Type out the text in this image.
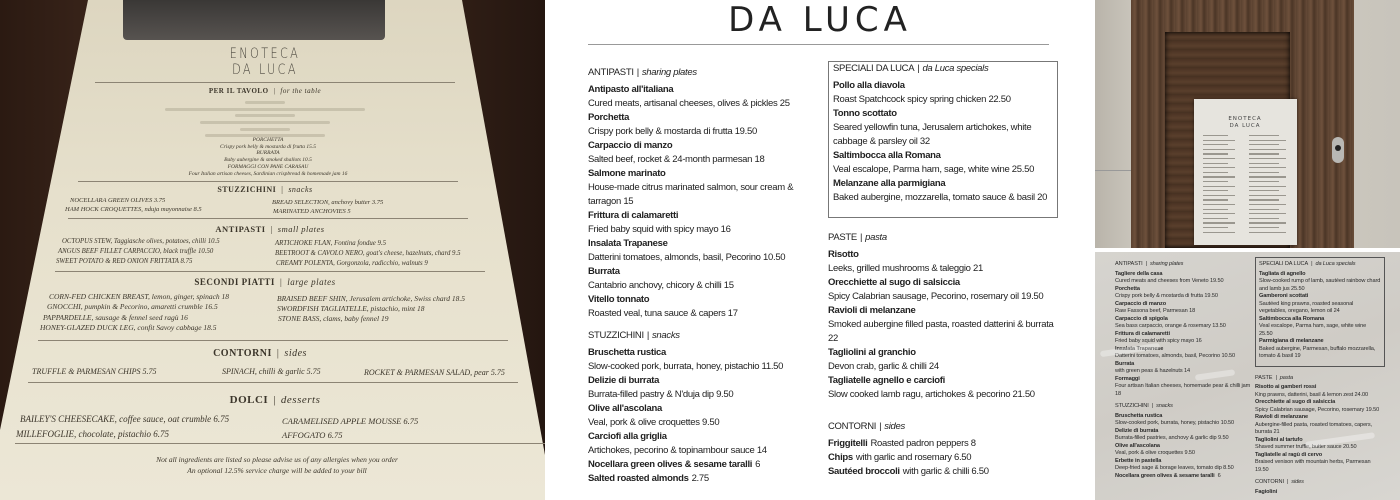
ENOTECA
DA LUCA
PER IL TAVOLO | for the table
PORCHETTA
Crispy pork belly & mostarda di frutta 15.5
BURRATA
Baby aubergine & smoked shallots 10.5
FORMAGGI CON PANE CARASAU
Four Italian artisan cheeses, Sardinian crispbread & homemade jam 16
STUZZICHINI | snacks
NOCELLARA GREEN OLIVES 3.75
HAM HOCK CROQUETTES, nduja mayonnaise 8.5
BREAD SELECTION, anchovy butter 3.75
MARINATED ANCHOVIES 5
ANTIPASTI | small plates
OCTOPUS STEW, Taggiasche olives, potatoes, chilli 10.5
ANGUS BEEF FILLET CARPACCIO, black truffle 10.50
SWEET POTATO & RED ONION FRITTATA 8.75
ARTICHOKE FLAN, Fontina fondue 9.5
BEETROOT & CAVOLO NERO, goat's cheese, hazelnuts, chard 9.5
CREAMY POLENTA, Gorgonzola, radicchio, walnuts 9
SECONDI PIATTI | large plates
CORN-FED CHICKEN BREAST, lemon, ginger, spinach 18
GNOCCHI, pumpkin & Pecorino, amaretti crumble 16.5
PAPPARDELLE, sausage & fennel seed ragù 16
HONEY-GLAZED DUCK LEG, confit Savoy cabbage 18.5
BRAISED BEEF SHIN, Jerusalem artichoke, Swiss chard 18.5
SWORDFISH TAGLIATELLE, pistachio, mint 18
STONE BASS, clams, baby fennel 19
CONTORNI | sides
TRUFFLE & PARMESAN CHIPS 5.75	SPINACH, chilli & garlic 5.75	ROCKET & PARMESAN SALAD, pear 5.75
DOLCI | desserts
BAILEY'S CHEESECAKE, coffee sauce, oat crumble 6.75
MILLEFOGLIE, chocolate, pistachio 6.75
CARAMELISED APPLE MOUSSE 6.75
AFFOGATO 6.75
Not all ingredients are listed so please advise us of any allergies when you order
An optional 12.5% service charge will be added to your bill
DA LUCA
ANTIPASTI | sharing plates
Antipasto all'italiana
Cured meats, artisanal cheeses, olives & pickles 25
Porchetta
Crispy pork belly & mostarda di frutta 19.50
Carpaccio di manzo
Salted beef, rocket & 24-month parmesan 18
Salmone marinato
House-made citrus marinated salmon, sour cream & tarragon 15
Frittura di calamaretti
Fried baby squid with spicy mayo 16
Insalata Trapanese
Datterini tomatoes, almonds, basil, Pecorino 10.50
Burrata
Cantabrio anchovy, chicory & chilli 15
Vitello tonnato
Roasted veal, tuna sauce & capers 17
STUZZICHINI | snacks
Bruschetta rustica
Slow-cooked pork, burrata, honey, pistachio 11.50
Delizie di burrata
Burrata-filled pastry & N'duja dip 9.50
Olive all'ascolana
Veal, pork & olive croquettes 9.50
Carciofi alla griglia
Artichokes, pecorino & topinambour sauce 14
Nocellara green olives & sesame taralli 6
Salted roasted almonds 2.75
SPECIALI DA LUCA | da Luca specials
Pollo alla diavola
Roast Spatchcock spicy spring chicken 22.50
Tonno scottato
Seared yellowfin tuna, Jerusalem artichokes, white cabbage & parsley oil 32
Saltimbocca alla Romana
Veal escalope, Parma ham, sage, white wine 25.50
Melanzane alla parmigiana
Baked aubergine, mozzarella, tomato sauce & basil 20
PASTE | pasta
Risotto
Leeks, grilled mushrooms & taleggio 21
Orecchiette al sugo di salsiccia
Spicy Calabrian sausage, Pecorino, rosemary oil 19.50
Ravioli di melanzane
Smoked aubergine filled pasta, roasted datterini & burrata 22
Tagliolini al granchio
Devon crab, garlic & chilli 24
Tagliatelle agnello e carciofi
Slow cooked lamb ragu, artichokes & pecorino 21.50
CONTORNI | sides
Friggitelli Roasted padron peppers 8
Chips with garlic and rosemary 6.50
Sautéed broccoli with garlic & chilli 6.50
ENOTECA
DA LUCA
ANTIPASTI | sharing plates
Tagliere della casa
Cured meats and cheeses from Veneto 19.50
Porchetta
Crispy pork belly & mostarda di frutta 19.50
Carpaccio di manzo
Raw Fassona beef, Parmesan 18
Carpaccio di spigola
Sea bass carpaccio, orange & rosemary 13.50
Frittura di calamaretti
Fried baby squid with spicy mayo 16
Insalata Trapanese
Datterini tomatoes, almonds, basil, Pecorino 10.50
Burrata
with green peas & hazelnuts 14
Formaggi
Four artisan Italian cheeses, homemade pear & chilli jam 18
STUZZICHINI | snacks
Bruschetta rustica
Slow-cooked pork, burrata, honey, pistachio 10.50
Delizie di burrata
Burrata-filled pastries, anchovy & garlic dip 9.50
Olive all'ascolana
Veal, pork & olive croquettes 9.50
Erbette in pastella
Deep-fried sage & borage leaves, tomato dip 8.50
Nocellara green olives & sesame taralli 6
SPECIALI DA LUCA | da Luca specials
Tagliata di agnello
Slow-cooked rump of lamb, sautéed rainbow chard and lamb jus 25.50
Gamberoni scottati
Sautéed king prawns, roasted seasonal vegetables, oregano, lemon oil 24
Saltimbocca alla Romana
Veal escalope, Parma ham, sage, white wine 25.50
Parmigiana di melanzane
Baked aubergine, Parmesan, buffalo mozzarella, tomato & basil 19
PASTE | pasta
Risotto ai gamberi rossi
King prawns, datterini, basil & lemon zest 24.00
Orecchiette al sugo di salsiccia
Spicy Calabrian sausage, Pecorino, rosemary 19.50
Ravioli di melanzane
Aubergine-filled pasta, roasted tomatoes, capers, burrata 21
Tagliolini al tartufo
Shaved summer truffle, butter sauce 20.50
Tagliatelle al ragù di cervo
Braised venison with mountain herbs, Parmesan 19.50
CONTORNI | sides
Fagiolini
